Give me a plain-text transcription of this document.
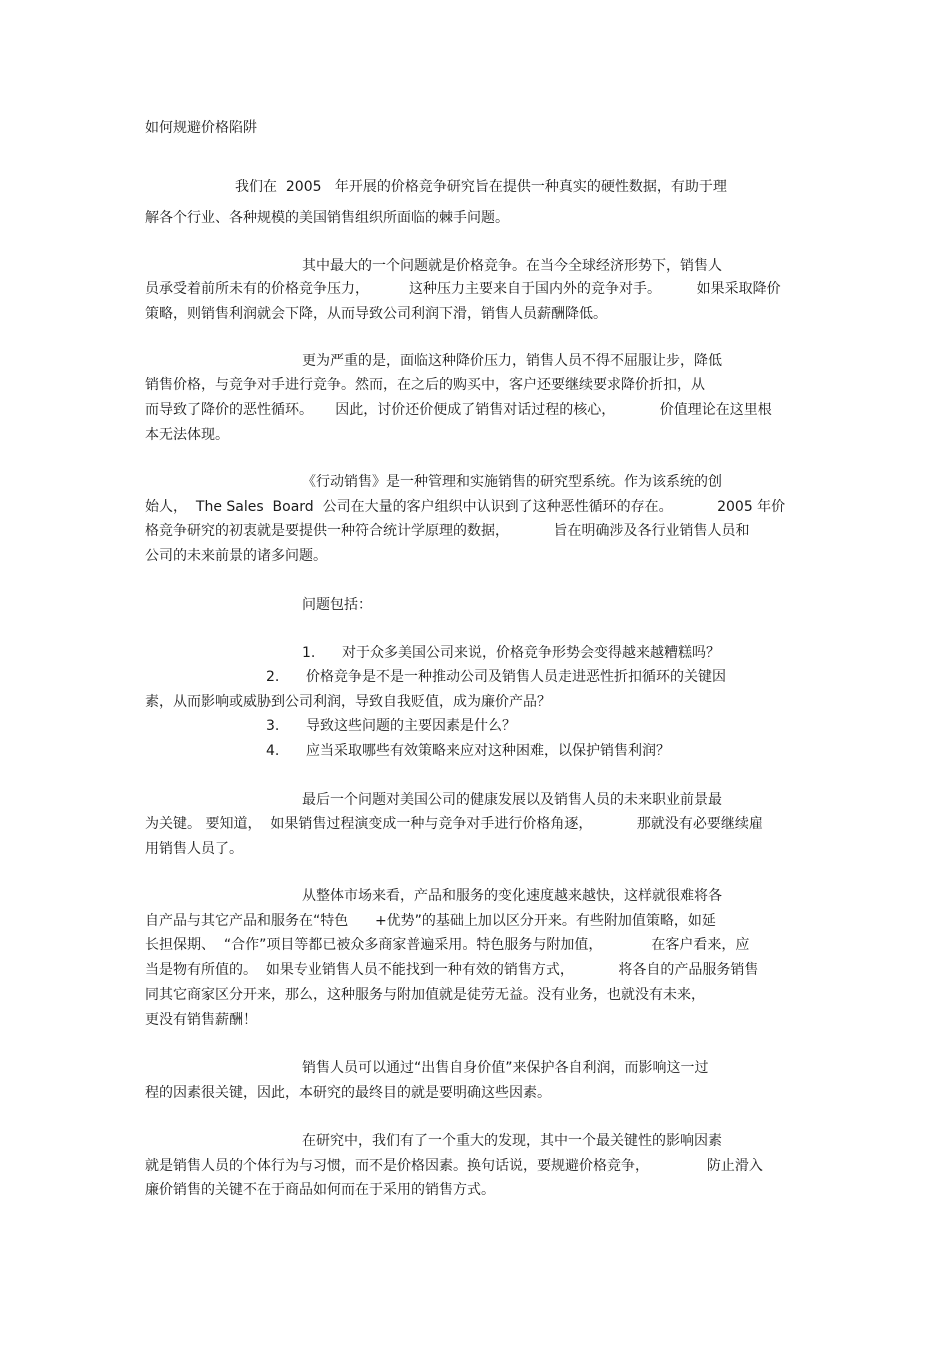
如何规避价格陷阱
我们在  2005   年开展的价格竞争研究旨在提供一种真实的硬性数据，有助于理
解各个行业、各种规模的美国销售组织所面临的棘手问题。
其中最大的一个问题就是价格竞争。在当今全球经济形势下，销售人
员承受着前所未有的价格竞争压力，         这种压力主要来自于国内外的竞争对手。        如果采取降价
策略，则销售利润就会下降，从而导致公司利润下滑，销售人员薪酬降低。
更为严重的是，面临这种降价压力，销售人员不得不屈服让步，降低
销售价格，与竞争对手进行竞争。然而，在之后的购买中，客户还要继续要求降价折扣，从
而导致了降价的恶性循环。     因此，讨价还价便成了销售对话过程的核心，          价值理论在这里根
本无法体现。
《行动销售》是一种管理和实施销售的研究型系统。作为该系统的创
始人，  The Sales  Board  公司在大量的客户组织中认识到了这种恶性循环的存在。          2005 年价
格竞争研究的初衷就是要提供一种符合统计学原理的数据，          旨在明确涉及各行业销售人员和
公司的未来前景的诸多问题。
问题包括：
1.      对于众多美国公司来说，价格竞争形势会变得越来越糟糕吗？
2.      价格竞争是不是一种推动公司及销售人员走进恶性折扣循环的关键因
素，从而影响或威胁到公司利润，导致自我贬值，成为廉价产品？
3.      导致这些问题的主要因素是什么？
4.      应当采取哪些有效策略来应对这种困难，以保护销售利润？
最后一个问题对美国公司的健康发展以及销售人员的未来职业前景最
为关键。 要知道，  如果销售过程演变成一种与竞争对手进行价格角逐，          那就没有必要继续雇
用销售人员了。
从整体市场来看，产品和服务的变化速度越来越快，这样就很难将各
自产品与其它产品和服务在“特色      +优势”的基础上加以区分开来。有些附加值策略，如延
长担保期、  “合作”项目等都已被众多商家普遍采用。特色服务与附加值，           在客户看来，应
当是物有所值的。  如果专业销售人员不能找到一种有效的销售方式，          将各自的产品服务销售
同其它商家区分开来，那么，这种服务与附加值就是徒劳无益。没有业务，也就没有未来，
更没有销售薪酬！
销售人员可以通过“出售自身价值”来保护各自利润，而影响这一过
程的因素很关键，因此，本研究的最终目的就是要明确这些因素。
在研究中，我们有了一个重大的发现，其中一个最关键性的影响因素
就是销售人员的个体行为与习惯，而不是价格因素。换句话说，要规避价格竞争，             防止滑入
廉价销售的关键不在于商品如何而在于采用的销售方式。
